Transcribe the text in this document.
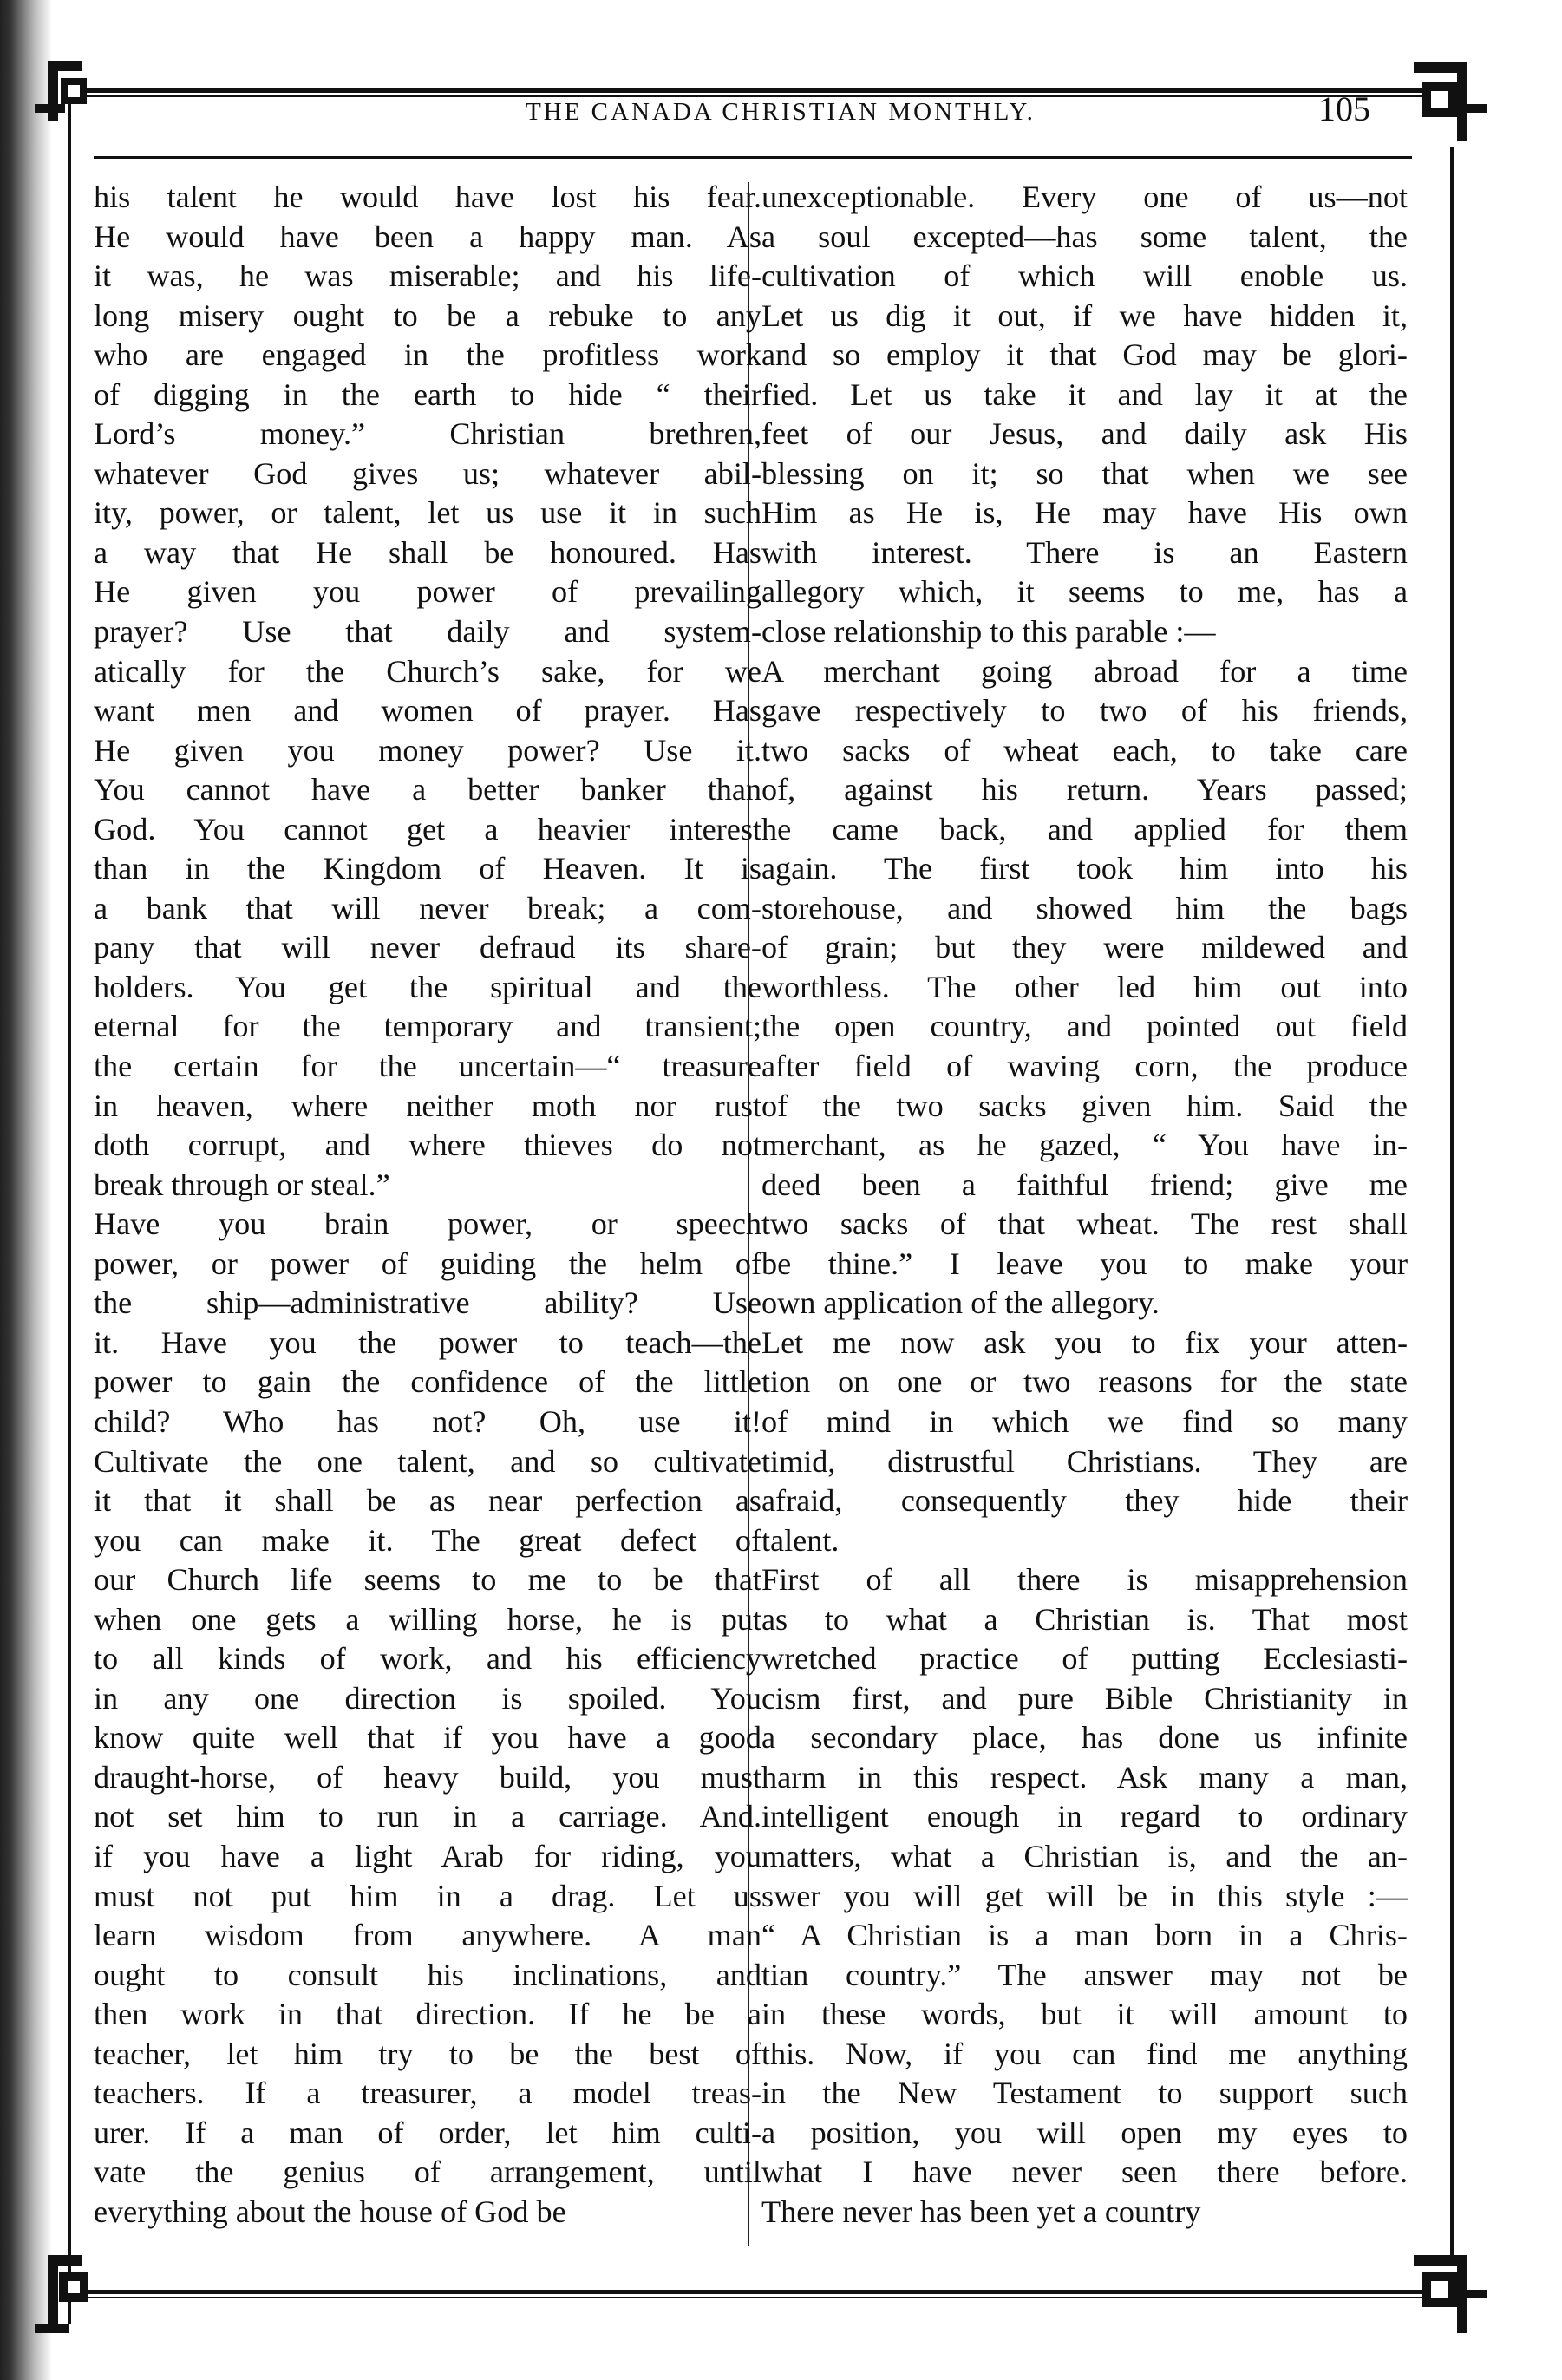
THE CANADA CHRISTIAN MONTHLY.	105
his talent he would have lost his fear.
He would have been a happy man. As
it was, he was miserable; and his life-
long misery ought to be a rebuke to any
who are engaged in the profitless work
of digging in the earth to hide “ their
Lord’s money.” Christian brethren,
whatever God gives us; whatever abil-
ity, power, or talent, let us use it in such
a way that He shall be honoured. Has
He given you power of prevailing
prayer? Use that daily and system-
atically for the Church’s sake, for we
want men and women of prayer. Has
He given you money power? Use it.
You cannot have a better banker than
God. You cannot get a heavier interest
than in the Kingdom of Heaven. It is
a bank that will never break; a com-
pany that will never defraud its share-
holders. You get the spiritual and the
eternal for the temporary and transient;
the certain for the uncertain—“ treasure
in heaven, where neither moth nor rust
doth corrupt, and where thieves do not
break through or steal.”
Have you brain power, or speech
power, or power of guiding the helm of
the ship—administrative ability? Use
it. Have you the power to teach—the
power to gain the confidence of the little
child? Who has not? Oh, use it!
Cultivate the one talent, and so cultivate
it that it shall be as near perfection as
you can make it. The great defect of
our Church life seems to me to be that
when one gets a willing horse, he is put
to all kinds of work, and his efficiency
in any one direction is spoiled. You
know quite well that if you have a good
draught-horse, of heavy build, you must
not set him to run in a carriage. And.
if you have a light Arab for riding, you
must not put him in a drag. Let us
learn wisdom from anywhere. A man
ought to consult his inclinations, and
then work in that direction. If he be a
teacher, let him try to be the best of
teachers. If a treasurer, a model treas-
urer. If a man of order, let him culti-
vate the genius of arrangement, until
everything about the house of God be
unexceptionable. Every one of us—not
a soul excepted—has some talent, the
cultivation of which will enoble us.
Let us dig it out, if we have hidden it,
and so employ it that God may be glori-
fied. Let us take it and lay it at the
feet of our Jesus, and daily ask His
blessing on it; so that when we see
Him as He is, He may have His own
with interest. There is an Eastern
allegory which, it seems to me, has a
close relationship to this parable :—
A merchant going abroad for a time
gave respectively to two of his friends,
two sacks of wheat each, to take care
of, against his return. Years passed;
he came back, and applied for them
again. The first took him into his
storehouse, and showed him the bags
of grain; but they were mildewed and
worthless. The other led him out into
the open country, and pointed out field
after field of waving corn, the produce
of the two sacks given him. Said the
merchant, as he gazed, “ You have in-
deed been a faithful friend; give me
two sacks of that wheat. The rest shall
be thine.” I leave you to make your
own application of the allegory.
Let me now ask you to fix your atten-
tion on one or two reasons for the state
of mind in which we find so many
timid, distrustful Christians. They are
afraid, consequently they hide their
talent.
First of all there is misapprehension
as to what a Christian is. That most
wretched practice of putting Ecclesiasti-
cism first, and pure Bible Christianity in
a secondary place, has done us infinite
harm in this respect. Ask many a man,
intelligent enough in regard to ordinary
matters, what a Christian is, and the an-
swer you will get will be in this style :—
“ A Christian is a man born in a Chris-
tian country.” The answer may not be
in these words, but it will amount to
this. Now, if you can find me anything
in the New Testament to support such
a position, you will open my eyes to
what I have never seen there before.
There never has been yet a country
